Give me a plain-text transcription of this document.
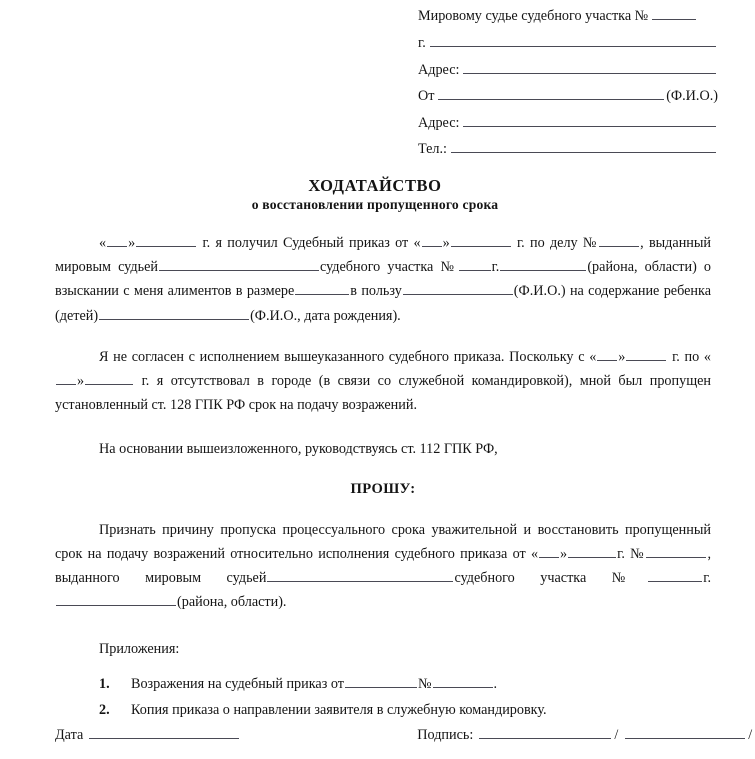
Мировому судье судебного участка №
г.
Адрес:
От	(Ф.И.О.)
Адрес:
Тел.:
ХОДАТАЙСТВО
о восстановлении пропущенного срока

« »	г. я получил Судебный приказ от « »	г. по делу №	, выданный мировым судьей	судебного участка № г.	(района, области) о взыскании с меня алиментов в размере	в пользу	(Ф.И.О.) на содержание ребенка (детей)	(Ф.И.О., дата рождения).

Я не согласен с исполнением вышеуказанного судебного приказа. Поскольку с « »	г. по «»	г. я отсутствовал в городе (в связи со служебной командировкой), мной был пропущен установленный ст. 128 ГПК РФ срок на подачу возражений.

На основании вышеизложенного, руководствуясь ст. 112 ГПК РФ,

ПРОШУ:

Признать причину пропуска процессуального срока уважительной и восстановить пропущенный срок на подачу возражений относительно исполнения судебного приказа от « »	г. №	, выданного мировым судьей	судебного участка №	г.(района, области).

Приложения:
Возражения на судебный приказ от	№	.
Копия приказа о направлении заявителя в служебную командировку.
Дата	Подпись:	/	/
